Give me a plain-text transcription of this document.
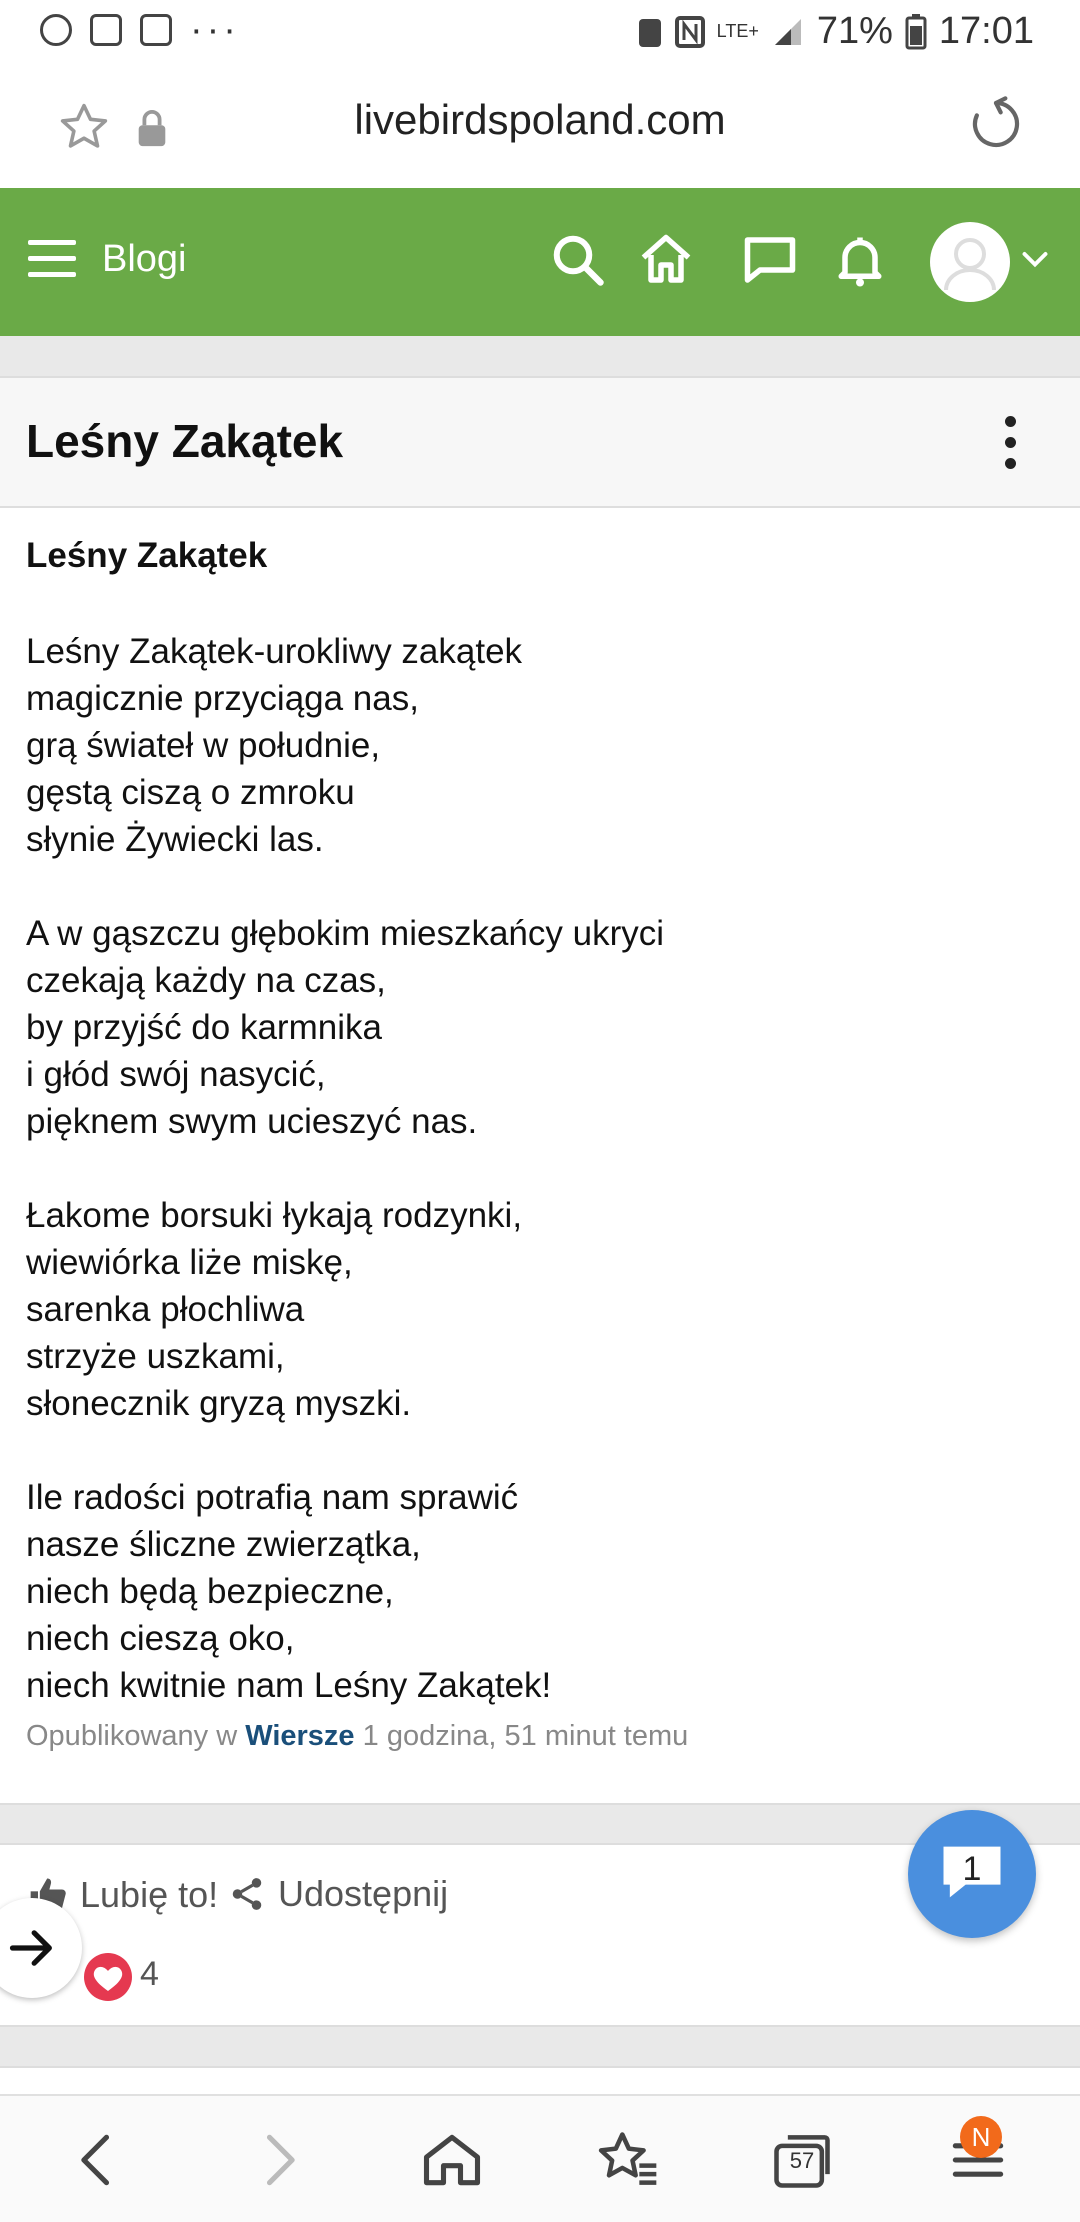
···	LTE+ 71% 17:01
livebirdspoland.com
Blogi
Leśny Zakątek
Leśny Zakątek
Leśny Zakątek-urokliwy zakątek
magicznie przyciąga nas,
grą świateł w południe,
gęstą ciszą o zmroku
słynie Żywiecki las.
A w gąszczu głębokim mieszkańcy ukryci
czekają każdy na czas,
by przyjść do karmnika
i głód swój nasycić,
pięknem swym ucieszyć nas.
Łakome borsuki łykają rodzynki,
wiewiórka liże miskę,
sarenka płochliwa
strzyże uszkami,
słonecznik gryzą myszki.
Ile radości potrafią nam sprawić
nasze śliczne zwierzątka,
niech będą bezpieczne,
niech cieszą oko,
niech kwitnie nam Leśny Zakątek!
Opublikowany w Wiersze 1 godzina, 51 minut temu
Lubię to! Udostępnij
4
1
57
N
